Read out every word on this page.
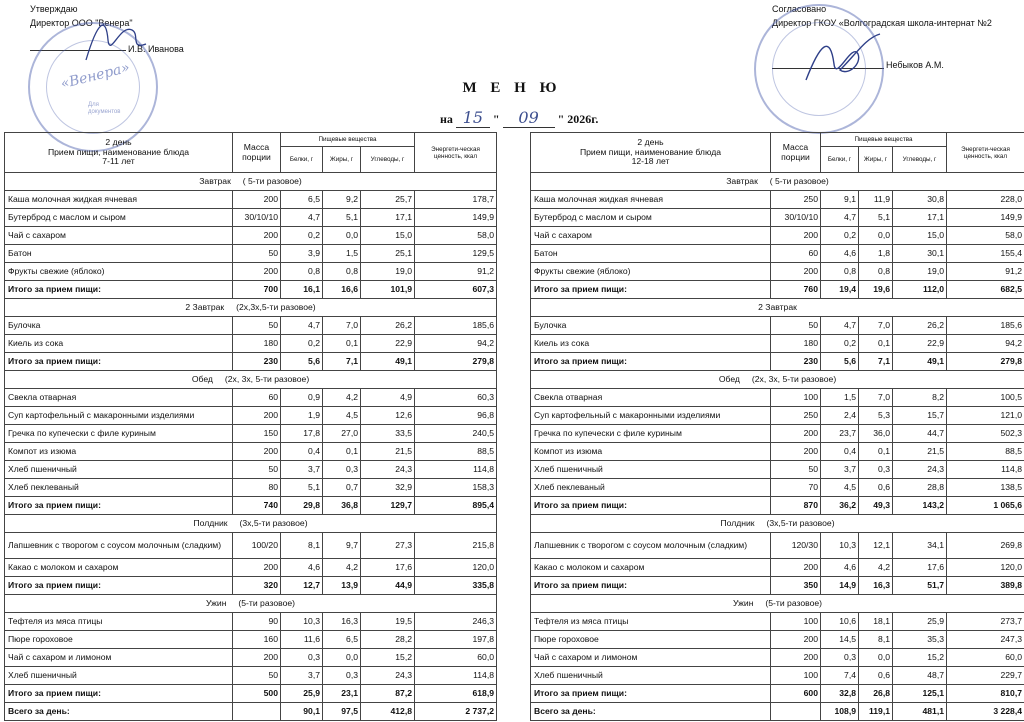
Утверждаю
Директор ООО "Венера"
И.В. Иванова
«Венера»
Для документов
Согласовано
Директор ГКОУ «Волгоградская школа-интернат №2
Небыков А.М.
М Е Н Ю
на 15 " 09 " 2026г.
2 день
Прием пищи, наименование блюда
7-11 лет	Масса порции	Пищевые вещества			Энергети-ческая ценность, ккал
		Белки, г	Жиры, г	Углеводы, г	
Завтрак     ( 5-ти разовое)					
Каша молочная жидкая ячневая	200	6,5	9,2	25,7	178,7
Бутерброд с маслом и сыром	30/10/10	4,7	5,1	17,1	149,9
Чай с сахаром	200	0,2	0,0	15,0	58,0
Батон	50	3,9	1,5	25,1	129,5
Фрукты свежие (яблоко)	200	0,8	0,8	19,0	91,2
Итого за прием пищи:	700	16,1	16,6	101,9	607,3
2 Завтрак     (2х,3х,5-ти разовое)					
Булочка	50	4,7	7,0	26,2	185,6
Киель из сока	180	0,2	0,1	22,9	94,2
Итого за прием пищи:	230	5,6	7,1	49,1	279,8
Обед     (2х, 3х, 5-ти разовое)					
Свекла отварная	60	0,9	4,2	4,9	60,3
Суп картофельный с макаронными изделиями	200	1,9	4,5	12,6	96,8
Гречка по купечески с филе куриным	150	17,8	27,0	33,5	240,5
Компот из изюма	200	0,4	0,1	21,5	88,5
Хлеб пшеничный	50	3,7	0,3	24,3	114,8
Хлеб пеклеваный	80	5,1	0,7	32,9	158,3
Итого за прием пищи:	740	29,8	36,8	129,7	895,4
Полдник     (3х,5-ти разовое)					
Лапшевник с творогом с соусом молочным (сладким)	100/20	8,1	9,7	27,3	215,8
Какао с молоком и сахаром	200	4,6	4,2	17,6	120,0
Итого за прием пищи:	320	12,7	13,9	44,9	335,8
Ужин     (5-ти разовое)					
Тефтеля из мяса птицы	90	10,3	16,3	19,5	246,3
Пюре гороховое	160	11,6	6,5	28,2	197,8
Чай с сахаром и лимоном	200	0,3	0,0	15,2	60,0
Хлеб пшеничный	50	3,7	0,3	24,3	114,8
Итого за прием пищи:	500	25,9	23,1	87,2	618,9
Всего за день:		90,1	97,5	412,8	2 737,2
2 день
Прием пищи, наименование блюда
12-18 лет	Масса порции	Пищевые вещества			Энергети-ческая ценность, ккал
		Белки, г	Жиры, г	Углеводы, г	
Завтрак     ( 5-ти разовое)					
Каша молочная жидкая ячневая	250	9,1	11,9	30,8	228,0
Бутерброд с маслом и сыром	30/10/10	4,7	5,1	17,1	149,9
Чай с сахаром	200	0,2	0,0	15,0	58,0
Батон	60	4,6	1,8	30,1	155,4
Фрукты свежие (яблоко)	200	0,8	0,8	19,0	91,2
Итого за прием пищи:	760	19,4	19,6	112,0	682,5
2 Завтрак					
Булочка	50	4,7	7,0	26,2	185,6
Киель из сока	180	0,2	0,1	22,9	94,2
Итого за прием пищи:	230	5,6	7,1	49,1	279,8
Обед     (2х, 3х, 5-ти разовое)					
Свекла отварная	100	1,5	7,0	8,2	100,5
Суп картофельный с макаронными изделиями	250	2,4	5,3	15,7	121,0
Гречка по купечески с филе куриным	200	23,7	36,0	44,7	502,3
Компот из изюма	200	0,4	0,1	21,5	88,5
Хлеб пшеничный	50	3,7	0,3	24,3	114,8
Хлеб пеклеваный	70	4,5	0,6	28,8	138,5
Итого за прием пищи:	870	36,2	49,3	143,2	1 065,6
Полдник     (3х,5-ти разовое)					
Лапшевник с творогом с соусом молочным (сладким)	120/30	10,3	12,1	34,1	269,8
Какао с молоком и сахаром	200	4,6	4,2	17,6	120,0
Итого за прием пищи:	350	14,9	16,3	51,7	389,8
Ужин     (5-ти разовое)					
Тефтеля из мяса птицы	100	10,6	18,1	25,9	273,7
Пюре гороховое	200	14,5	8,1	35,3	247,3
Чай с сахаром и лимоном	200	0,3	0,0	15,2	60,0
Хлеб пшеничный	100	7,4	0,6	48,7	229,7
Итого за прием пищи:	600	32,8	26,8	125,1	810,7
Всего за день:		108,9	119,1	481,1	3 228,4
